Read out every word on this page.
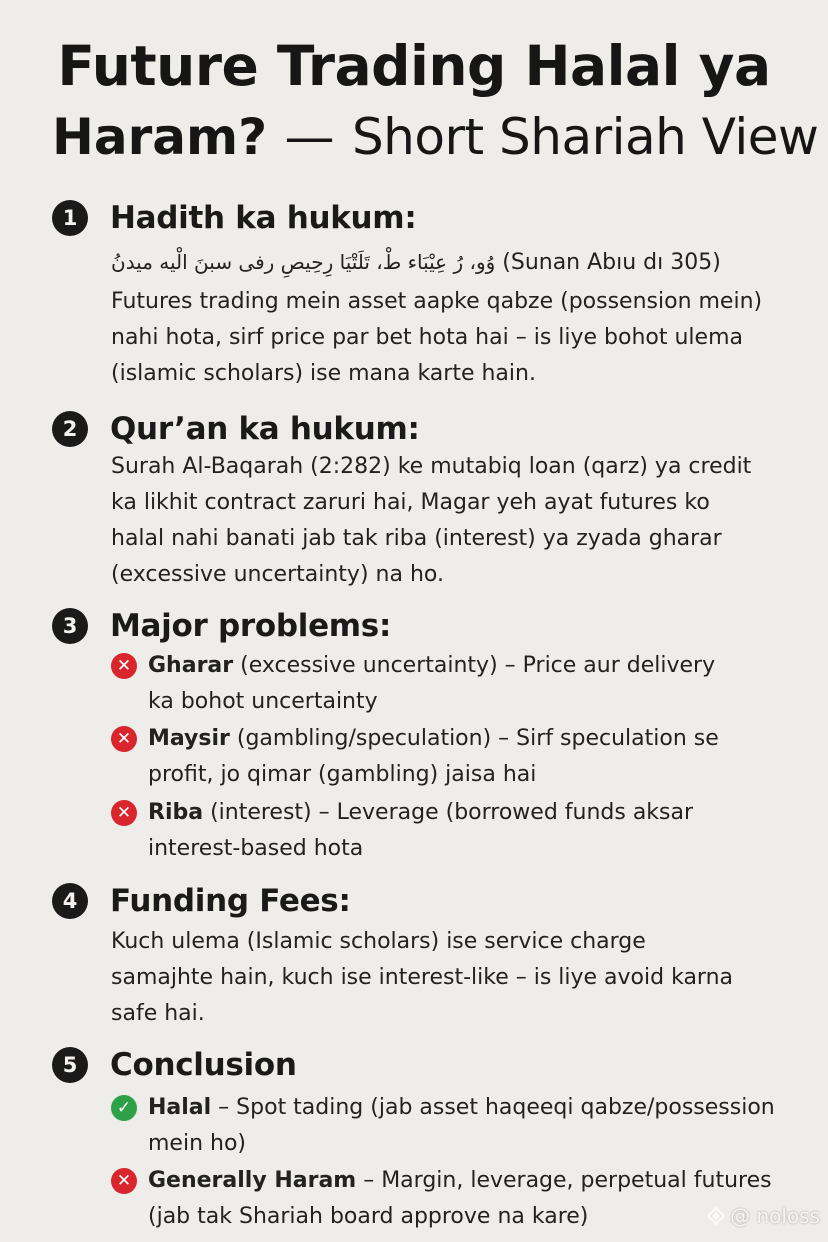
Future Trading Halal ya
Haram? — Short Shariah View
1	Hadith ka hukum:
ﻭُﻭ، ﺭُ ﻋِﻴْﺒَﺎﺀ ﻁْ، ﺗَﻠَﺘْﻴَﺎ ﺭِﺣِﻴﺺِ ﺭﻓﯽ ﺳﺒﻦَ ﺍﻟْﻴﻪ ﻣﻴﺪﻥُ (Sunan Abıu dı 305)
Futures trading mein asset aapke qabze (possension mein)
nahi hota, sirf price par bet hota hai – is liye bohot ulema
(islamic scholars) ise mana karte hain.
2	Qur’an ka hukum:
Surah Al-Baqarah (2:282) ke mutabiq loan (qarz) ya credit
ka likhit contract zaruri hai, Magar yeh ayat futures ko
halal nahi banati jab tak riba (interest) ya zyada gharar
(excessive uncertainty) na ho.
3	Major problems:
✕ Gharar (excessive uncertainty) – Price aur delivery
ka bohot uncertainty
✕ Maysir (gambling/speculation) – Sirf speculation se
profit, jo qimar (gambling) jaisa hai
✕ Riba (interest) – Leverage (borrowed funds aksar
interest-based hota
4	Funding Fees:
Kuch ulema (Islamic scholars) ise service charge
samajhte hain, kuch ise interest-like – is liye avoid karna
safe hai.
5	Conclusion
✓ Halal – Spot tading (jab asset haqeeqi qabze/possession
mein ho)
✕ Generally Haram – Margin, leverage, perpetual futures
(jab tak Shariah board approve na kare)	@ noloss
